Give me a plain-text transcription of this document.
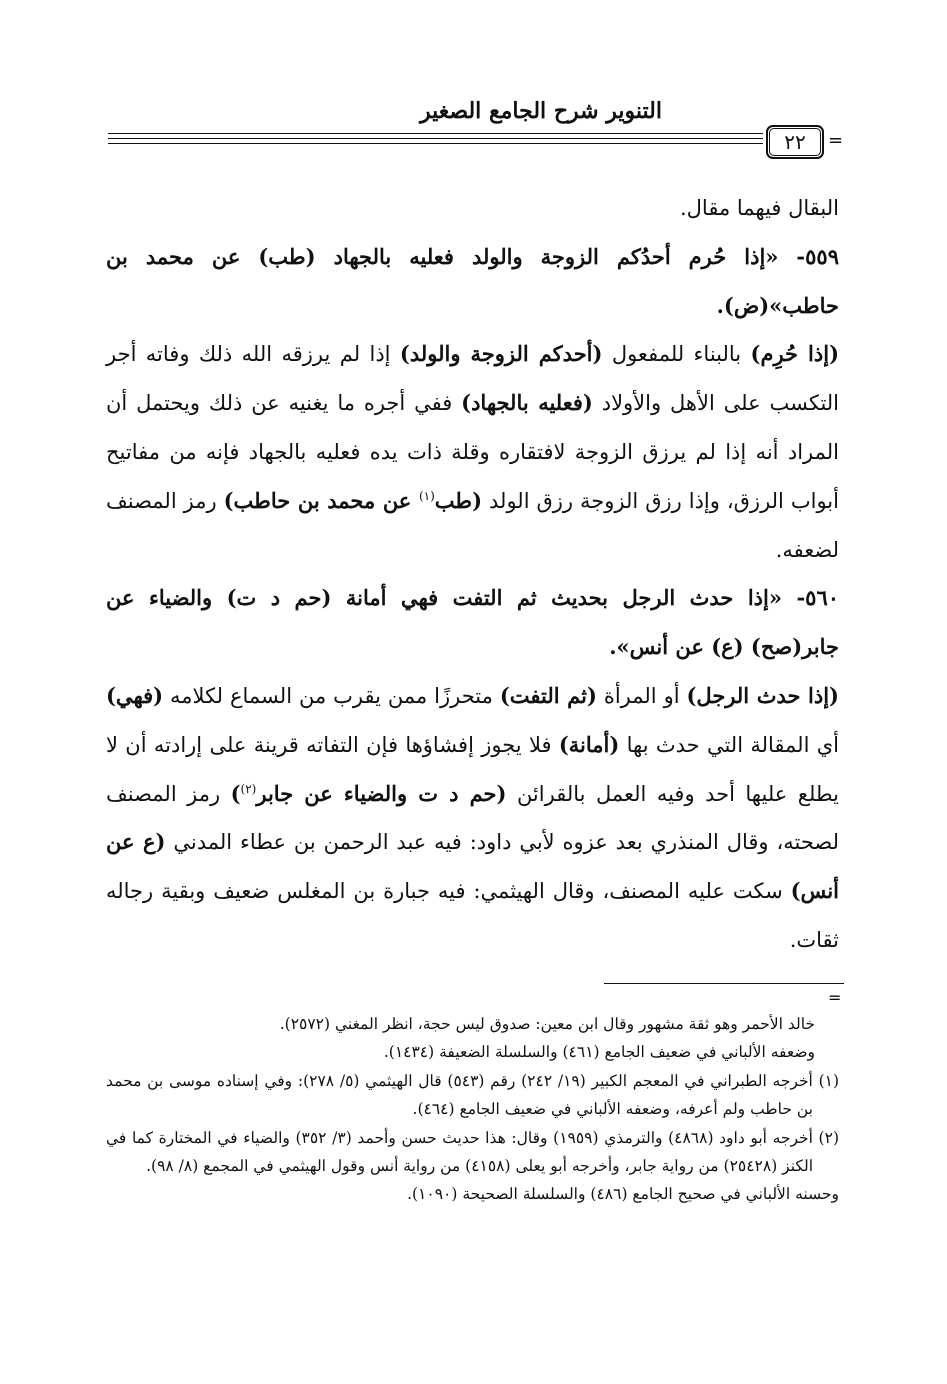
التنوير شرح الجامع الصغير
٢٢	=

البقال فيهما مقال.

٥٥٩- «إذا حُرم أحدُكم الزوجة والولد فعليه بالجهاد (طب) عن محمد بن حاطب»(ض).

(إذا حُرِم) بالبناء للمفعول (أحدكم الزوجة والولد) إذا لم يرزقه الله ذلك وفاته أجر التكسب على الأهل والأولاد (فعليه بالجهاد) ففي أجره ما يغنيه عن ذلك ويحتمل أن المراد أنه إذا لم يرزق الزوجة لافتقاره وقلة ذات يده فعليه بالجهاد فإنه من مفاتيح أبواب الرزق، وإذا رزق الزوجة رزق الولد (طب$^{(١)}$ عن محمد بن حاطب) رمز المصنف لضعفه.

٥٦٠- «إذا حدث الرجل بحديث ثم التفت فهي أمانة (حم د ت) والضياء عن جابر(صح) (ع) عن أنس».

(إذا حدث الرجل) أو المرأة (ثم التفت) متحرزًا ممن يقرب من السماع لكلامه (فهي) أي المقالة التي حدث بها (أمانة) فلا يجوز إفشاؤها فإن التفاته قرينة على إرادته أن لا يطلع عليها أحد وفيه العمل بالقرائن (حم د ت والضياء عن جابر$^{(٢)}$) رمز المصنف لصحته، وقال المنذري بعد عزوه لأبي داود: فيه عبد الرحمن بن عطاء المدني (ع عن أنس) سكت عليه المصنف، وقال الهيثمي: فيه جبارة بن المغلس ضعيف وبقية رجاله ثقات.

=

خالد الأحمر وهو ثقة مشهور وقال ابن معين: صدوق ليس حجة، انظر المغني (٢٥٧٢).

وضعفه الألباني في ضعيف الجامع (٤٦١) والسلسلة الضعيفة (١٤٣٤).

(١) أخرجه الطبراني في المعجم الكبير (١٩/ ٢٤٢) رقم (٥٤٣) قال الهيثمي (٥/ ٢٧٨): وفي إسناده موسى بن محمد بن حاطب ولم أعرفه، وضعفه الألباني في ضعيف الجامع (٤٦٤).

(٢) أخرجه أبو داود (٤٨٦٨) والترمذي (١٩٥٩) وقال: هذا حديث حسن وأحمد (٣/ ٣٥٢) والضياء في المختارة كما في الكنز (٢٥٤٢٨) من رواية جابر، وأخرجه أبو يعلى (٤١٥٨) من رواية أنس وقول الهيثمي في المجمع (٨/ ٩٨).

وحسنه الألباني في صحيح الجامع (٤٨٦) والسلسلة الصحيحة (١٠٩٠).
